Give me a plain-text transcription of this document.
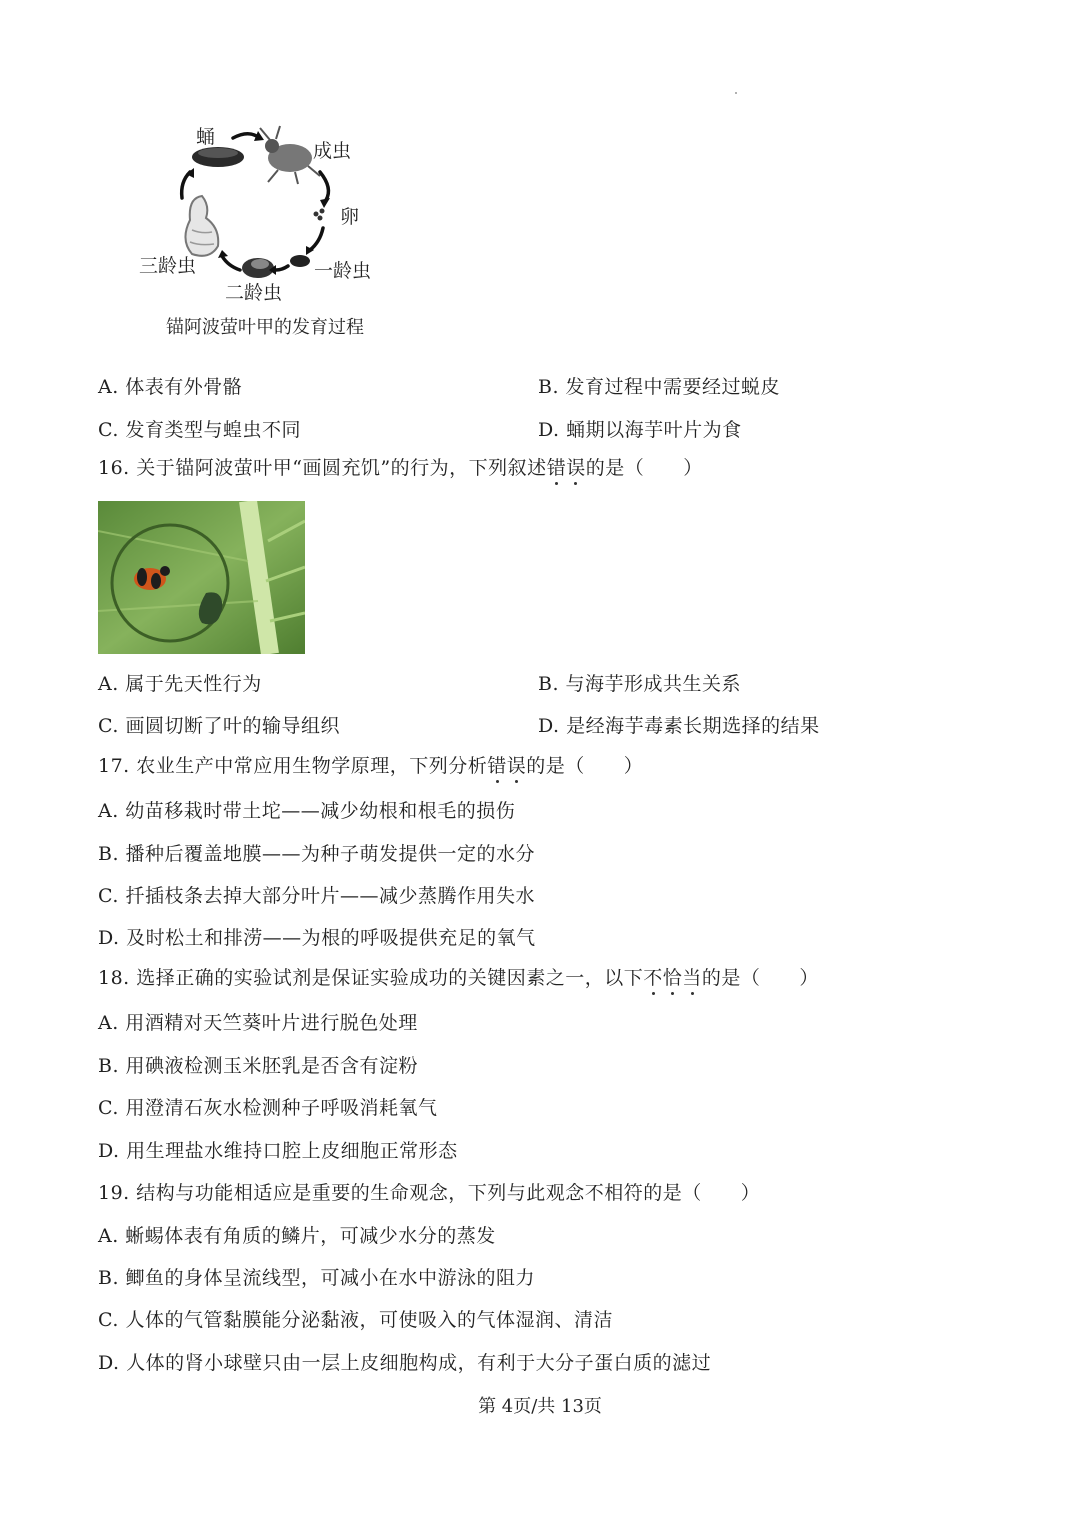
蛹
成虫
卵
一龄虫
二龄虫
三龄虫
锚阿波萤叶甲的发育过程
A. 体表有外骨骼	B. 发育过程中需要经过蜕皮
C. 发育类型与蝗虫不同	D. 蛹期以海芋叶片为食
16. 关于锚阿波萤叶甲“画圆充饥”的行为，下列叙述错误的是（　　）
A. 属于先天性行为	B. 与海芋形成共生关系
C. 画圆切断了叶的输导组织	D. 是经海芋毒素长期选择的结果
17. 农业生产中常应用生物学原理，下列分析错误的是（　　）
A. 幼苗移栽时带土坨——减少幼根和根毛的损伤
B. 播种后覆盖地膜——为种子萌发提供一定的水分
C. 扦插枝条去掉大部分叶片——减少蒸腾作用失水
D. 及时松土和排涝——为根的呼吸提供充足的氧气
18. 选择正确的实验试剂是保证实验成功的关键因素之一，以下不恰当的是（　　）
A. 用酒精对天竺葵叶片进行脱色处理
B. 用碘液检测玉米胚乳是否含有淀粉
C. 用澄清石灰水检测种子呼吸消耗氧气
D. 用生理盐水维持口腔上皮细胞正常形态
19. 结构与功能相适应是重要的生命观念，下列与此观念不相符的是（　　）
A. 蜥蜴体表有角质的鳞片，可减少水分的蒸发
B. 鲫鱼的身体呈流线型，可减小在水中游泳的阻力
C. 人体的气管黏膜能分泌黏液，可使吸入的气体湿润、清洁
D. 人体的肾小球壁只由一层上皮细胞构成，有利于大分子蛋白质的滤过
第 4页/共 13页
